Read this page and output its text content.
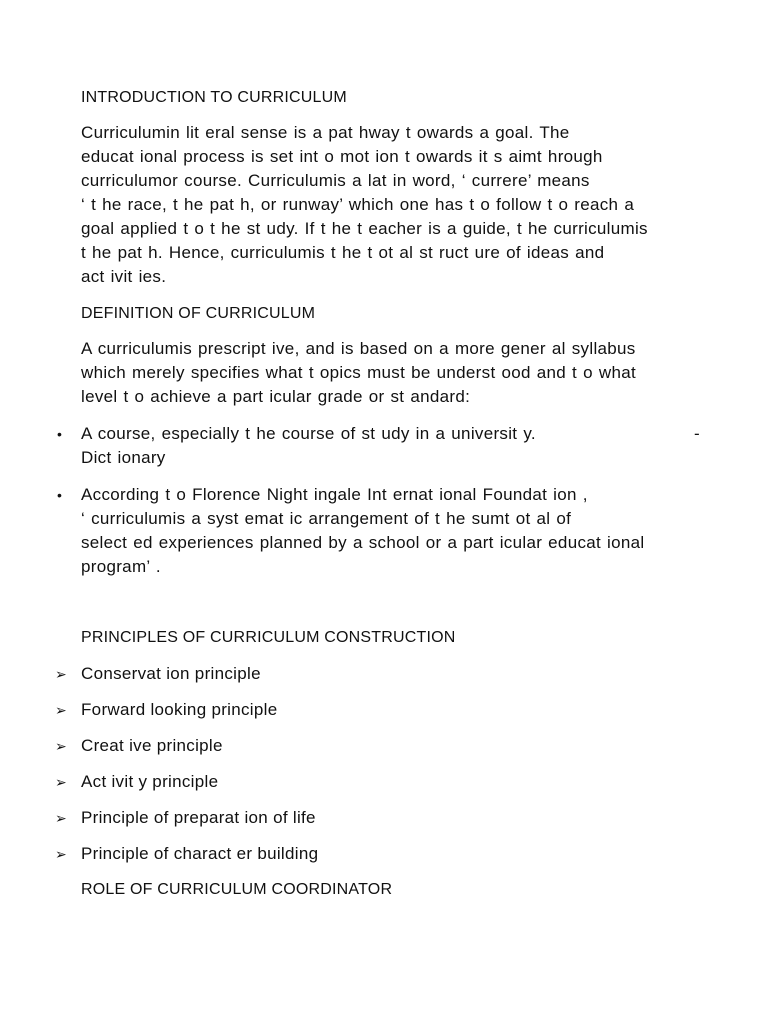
INTRODUCTION TO CURRICULUM
Curriculumin lit eral sense is a pat hway t owards a goal. The
educat ional process is set int o mot ion t owards it s aimt hrough
curriculumor course. Curriculumis a lat in word, ‘ currere’ means
‘ t he race, t he pat h, or runway’ which one has t o follow t o reach a
goal applied t o t he st udy. If t he t eacher is a guide, t he curriculumis
t he pat h. Hence, curriculumis t he t ot al st ruct ure of ideas and
act ivit ies.
DEFINITION OF CURRICULUM
A curriculumis prescript ive, and is based on a more gener al syllabus
which merely specifies what t opics must be underst ood and t o what
level t o achieve a part icular grade or st andard:
•	A course, especially t he course of st udy in a universit y.
Dict ionary
-
•	According t o Florence Night ingale Int ernat ional Foundat ion ,
‘ curriculumis a syst emat ic arrangement of t he sumt ot al of
select ed experiences planned by a school or a part icular educat ional
program’ .
PRINCIPLES OF CURRICULUM CONSTRUCTION
➢ Conservat ion principle
➢ Forward looking principle
➢ Creat ive principle
➢ Act ivit y principle
➢ Principle of preparat ion of life
➢ Principle of charact er building
ROLE OF CURRICULUM COORDINATOR
